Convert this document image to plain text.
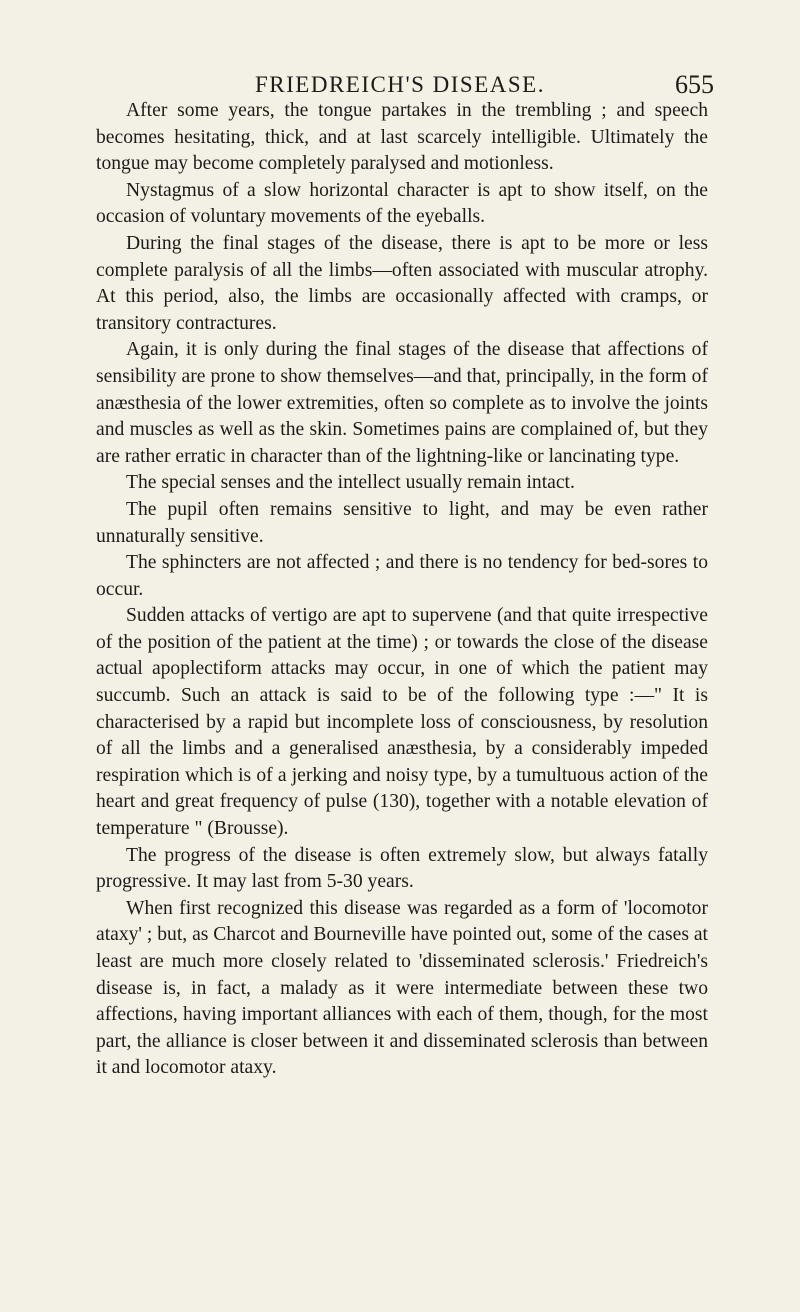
FRIEDREICH'S DISEASE.	655

After some years, the tongue partakes in the trembling ; and speech becomes hesitating, thick, and at last scarcely intelligible. Ultimately the tongue may become completely paralysed and motionless.

Nystagmus of a slow horizontal character is apt to show itself, on the occasion of voluntary movements of the eyeballs.

During the final stages of the disease, there is apt to be more or less complete paralysis of all the limbs—often associated with muscular atrophy. At this period, also, the limbs are occasionally affected with cramps, or transitory contractures.

Again, it is only during the final stages of the disease that affections of sensibility are prone to show themselves—and that, principally, in the form of anæsthesia of the lower extremities, often so complete as to involve the joints and muscles as well as the skin. Sometimes pains are complained of, but they are rather erratic in character than of the lightning-like or lancinating type.

The special senses and the intellect usually remain intact.

The pupil often remains sensitive to light, and may be even rather unnaturally sensitive.

The sphincters are not affected ; and there is no tendency for bed-sores to occur.

Sudden attacks of vertigo are apt to supervene (and that quite irrespective of the position of the patient at the time) ; or towards the close of the disease actual apoplectiform attacks may occur, in one of which the patient may succumb. Such an attack is said to be of the following type :—" It is characterised by a rapid but incomplete loss of consciousness, by resolution of all the limbs and a generalised anæsthesia, by a considerably impeded respiration which is of a jerking and noisy type, by a tumultuous action of the heart and great frequency of pulse (130), together with a notable elevation of temperature " (Brousse).

The progress of the disease is often extremely slow, but always fatally progressive. It may last from 5-30 years.

When first recognized this disease was regarded as a form of 'locomotor ataxy' ; but, as Charcot and Bourneville have pointed out, some of the cases at least are much more closely related to 'disseminated sclerosis.' Friedreich's disease is, in fact, a malady as it were intermediate between these two affections, having important alliances with each of them, though, for the most part, the alliance is closer between it and disseminated sclerosis than between it and locomotor ataxy.
